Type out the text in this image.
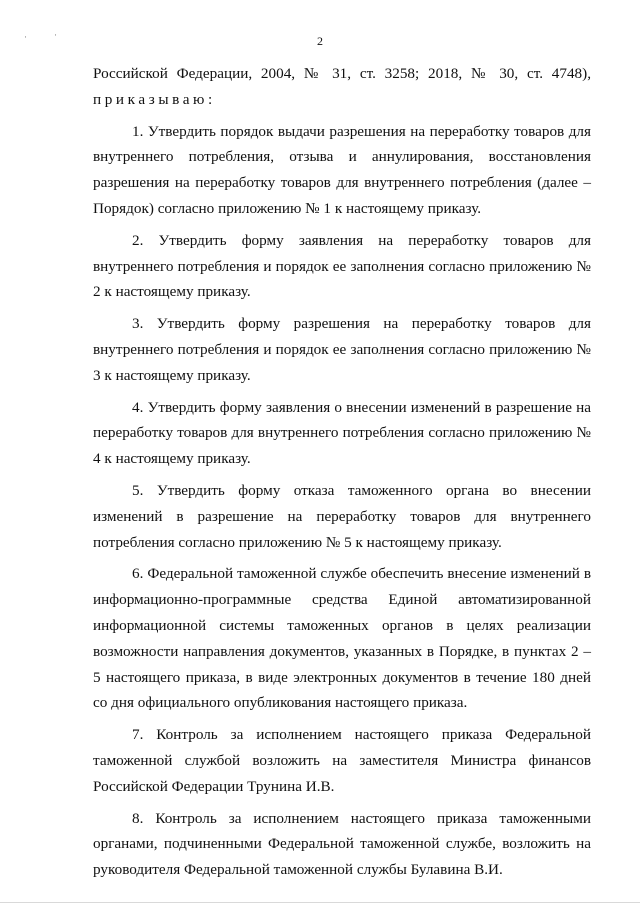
·	·	2

Российской Федерации, 2004, № 31, ст. 3258; 2018, № 30, ст. 4748),

приказываю:

1. Утвердить порядок выдачи разрешения на переработку товаров для внутреннего потребления, отзыва и аннулирования, восстановления разрешения на переработку товаров для внутреннего потребления (далее – Порядок) согласно приложению № 1 к настоящему приказу.

2. Утвердить форму заявления на переработку товаров для внутреннего потребления и порядок ее заполнения согласно приложению № 2 к настоящему приказу.

3. Утвердить форму разрешения на переработку товаров для внутреннего потребления и порядок ее заполнения согласно приложению № 3 к настоящему приказу.

4. Утвердить форму заявления о внесении изменений в разрешение на переработку товаров для внутреннего потребления согласно приложению № 4 к настоящему приказу.

5. Утвердить форму отказа таможенного органа во внесении изменений в разрешение на переработку товаров для внутреннего потребления согласно приложению № 5 к настоящему приказу.

6. Федеральной таможенной службе обеспечить внесение изменений в информационно-программные средства Единой автоматизированной информационной системы таможенных органов в целях реализации возможности направления документов, указанных в Порядке, в пунктах 2 – 5 настоящего приказа, в виде электронных документов в течение 180 дней со дня официального опубликования настоящего приказа.

7. Контроль за исполнением настоящего приказа Федеральной таможенной службой возложить на заместителя Министра финансов Российской Федерации Трунина И.В.

8. Контроль за исполнением настоящего приказа таможенными органами, подчиненными Федеральной таможенной службе, возложить на руководителя Федеральной таможенной службы Булавина В.И.
